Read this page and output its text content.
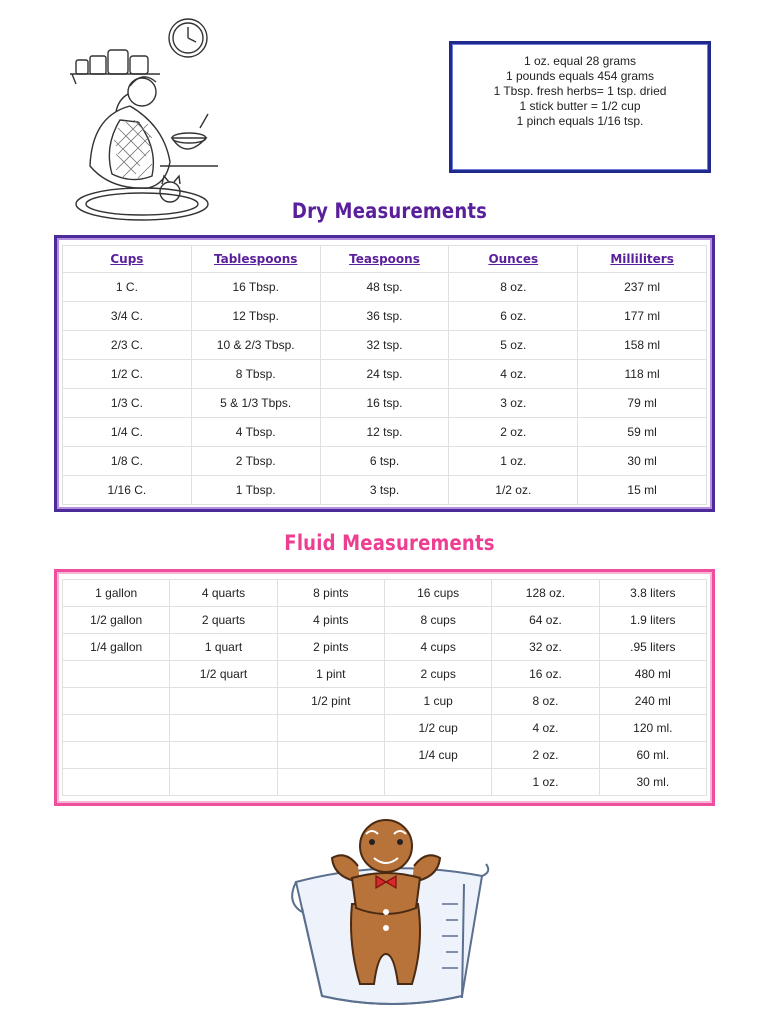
1 oz. equal 28 grams
1 pounds equals 454 grams
1 Tbsp. fresh herbs= 1 tsp. dried
1 stick butter = 1/2 cup
1 pinch equals 1/16 tsp.
Dry Measurements
Cups	Tablespoons	Teaspoons	Ounces	Milliliters
1 C.	16 Tbsp.	48 tsp.	8 oz.	237 ml
3/4 C.	12 Tbsp.	36 tsp.	6 oz.	177 ml
2/3 C.	10 & 2/3 Tbsp.	32 tsp.	5 oz.	158 ml
1/2 C.	8 Tbsp.	24 tsp.	4 oz.	118 ml
1/3 C.	5 & 1/3 Tbps.	16 tsp.	3 oz.	79 ml
1/4 C.	4 Tbsp.	12 tsp.	2 oz.	59 ml
1/8 C.	2 Tbsp.	6 tsp.	1 oz.	30 ml
1/16 C.	1 Tbsp.	3 tsp.	1/2 oz.	15 ml
Fluid Measurements
1 gallon	4 quarts	8 pints	16 cups	128 oz.	3.8 liters
1/2 gallon	2 quarts	4 pints	8 cups	64 oz.	1.9 liters
1/4 gallon	1 quart	2 pints	4 cups	32 oz.	.95 liters
	1/2 quart	1 pint	2 cups	16 oz.	480 ml
		1/2 pint	1 cup	8 oz.	240 ml
			1/2 cup	4 oz.	120 ml.
			1/4 cup	2 oz.	60 ml.
				1 oz.	30 ml.
